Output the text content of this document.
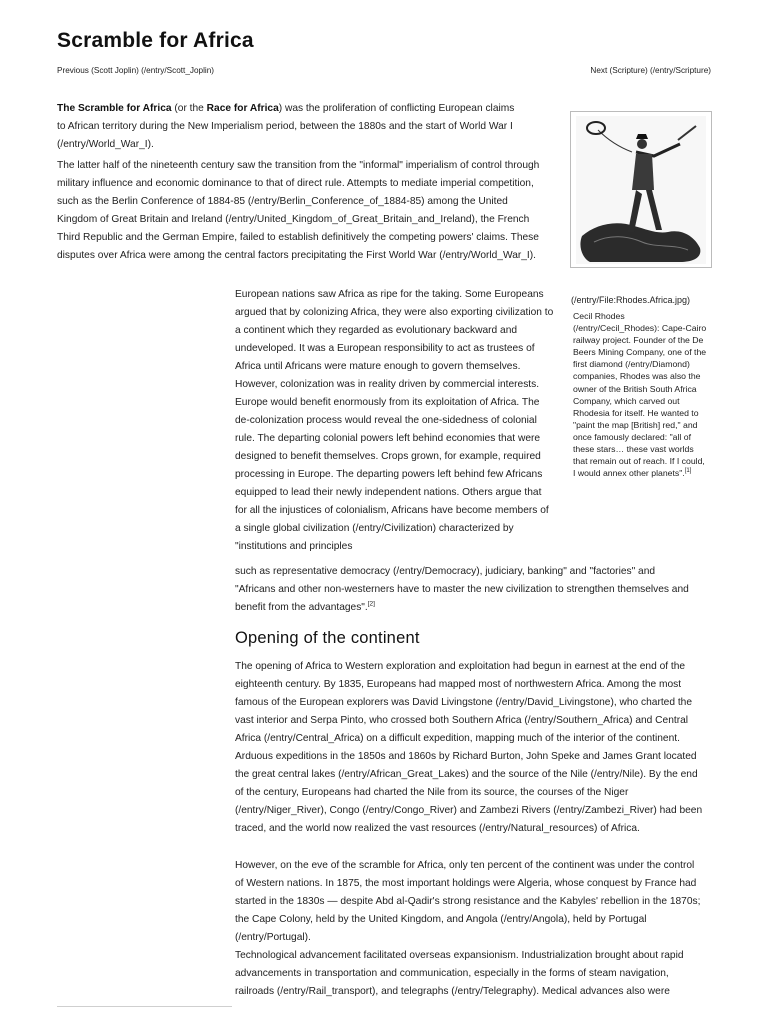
Scramble for Africa
Previous (Scott Joplin) (/entry/Scott_Joplin)	Next (Scripture) (/entry/Scripture)

The Scramble for Africa (or the Race for Africa) was the proliferation of conflicting European claims to African territory during the New Imperialism period, between the 1880s and the start of World War I (/entry/World_War_I).

The latter half of the nineteenth century saw the transition from the "informal" imperialism of control through military influence and economic dominance to that of direct rule. Attempts to mediate imperial competition, such as the Berlin Conference of 1884-85 (/entry/Berlin_Conference_of_1884-85) among the United Kingdom of Great Britain and Ireland (/entry/United_Kingdom_of_Great_Britain_and_Ireland), the French Third Republic and the German Empire, failed to establish definitively the competing powers' claims. These disputes over Africa were among the central factors precipitating the First World War (/entry/World_War_I).

(/entry/File:Rhodes.Africa.jpg)
Cecil Rhodes (/entry/Cecil_Rhodes): Cape-Cairo railway project. Founder of the De Beers Mining Company, one of the first diamond (/entry/Diamond) companies, Rhodes was also the owner of the British South Africa Company, which carved out Rhodesia for itself. He wanted to "paint the map [British] red," and once famously declared: "all of these stars… these vast worlds that remain out of reach. If I could, I would annex other planets".[1]

European nations saw Africa as ripe for the taking. Some Europeans argued that by colonizing Africa, they were also exporting civilization to a continent which they regarded as evolutionary backward and undeveloped. It was a European responsibility to act as trustees of Africa until Africans were mature enough to govern themselves. However, colonization was in reality driven by commercial interests. Europe would benefit enormously from its exploitation of Africa. The de-colonization process would reveal the one-sidedness of colonial rule. The departing colonial powers left behind economies that were designed to benefit themselves. Crops grown, for example, required processing in Europe. The departing powers left behind few Africans equipped to lead their newly independent nations. Others argue that for all the injustices of colonialism, Africans have become members of a single global civilization (/entry/Civilization) characterized by "institutions and principles

such as representative democracy (/entry/Democracy), judiciary, banking" and "factories" and "Africans and other non-westerners have to master the new civilization to strengthen themselves and benefit from the advantages".[2]

Opening of the continent

The opening of Africa to Western exploration and exploitation had begun in earnest at the end of the eighteenth century. By 1835, Europeans had mapped most of northwestern Africa. Among the most famous of the European explorers was David Livingstone (/entry/David_Livingstone), who charted the vast interior and Serpa Pinto, who crossed both Southern Africa (/entry/Southern_Africa) and Central Africa (/entry/Central_Africa) on a difficult expedition, mapping much of the interior of the continent. Arduous expeditions in the 1850s and 1860s by Richard Burton, John Speke and James Grant located the great central lakes (/entry/African_Great_Lakes) and the source of the Nile (/entry/Nile). By the end of the century, Europeans had charted the Nile from its source, the courses of the Niger (/entry/Niger_River), Congo (/entry/Congo_River) and Zambezi Rivers (/entry/Zambezi_River) had been traced, and the world now realized the vast resources (/entry/Natural_resources) of Africa.

However, on the eve of the scramble for Africa, only ten percent of the continent was under the control of Western nations. In 1875, the most important holdings were Algeria, whose conquest by France had started in the 1830s — despite Abd al-Qadir's strong resistance and the Kabyles' rebellion in the 1870s; the Cape Colony, held by the United Kingdom, and Angola (/entry/Angola), held by Portugal (/entry/Portugal).

Technological advancement facilitated overseas expansionism. Industrialization brought about rapid advancements in transportation and communication, especially in the forms of steam navigation, railroads (/entry/Rail_transport), and telegraphs (/entry/Telegraphy). Medical advances also were
